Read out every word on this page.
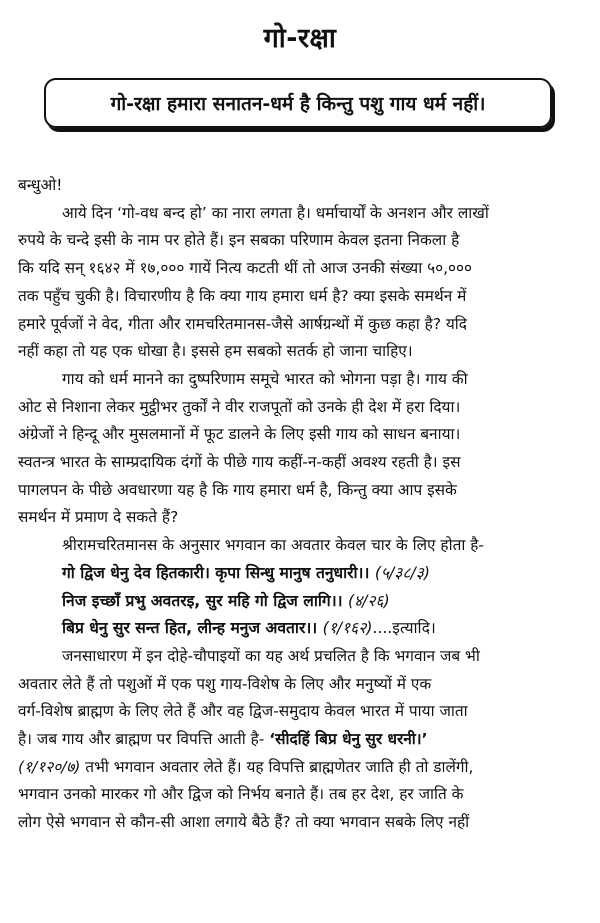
गो-रक्षा
गो-रक्षा हमारा सनातन-धर्म है किन्तु पशु गाय धर्म नहीं।
बन्धुओ!
आये दिन ‘गो-वध बन्द हो’ का नारा लगता है। धर्माचार्यों के अनशन और लाखों
रुपये के चन्दे इसी के नाम पर होते हैं। इन सबका परिणाम केवल इतना निकला है
कि यदि सन् १६४२ में १७,००० गायें नित्य कटती थीं तो आज उनकी संख्या ५०,०००
तक पहुँच चुकी है। विचारणीय है कि क्या गाय हमारा धर्म है? क्या इसके समर्थन में
हमारे पूर्वजों ने वेद, गीता और रामचरितमानस-जैसे आर्षग्रन्थों में कुछ कहा है? यदि
नहीं कहा तो यह एक धोखा है। इससे हम सबको सतर्क हो जाना चाहिए।
गाय को धर्म मानने का दुष्परिणाम समूचे भारत को भोगना पड़ा है। गाय की
ओट से निशाना लेकर मुट्ठीभर तुर्कों ने वीर राजपूतों को उनके ही देश में हरा दिया।
अंग्रेजों ने हिन्दू और मुसलमानों में फूट डालने के लिए इसी गाय को साधन बनाया।
स्वतन्त्र भारत के साम्प्रदायिक दंगों के पीछे गाय कहीं-न-कहीं अवश्य रहती है। इस
पागलपन के पीछे अवधारणा यह है कि गाय हमारा धर्म है, किन्तु क्या आप इसके
समर्थन में प्रमाण दे सकते हैं?
श्रीरामचरितमानस के अनुसार भगवान का अवतार केवल चार के लिए होता है-
गो द्विज धेनु देव हितकारी। कृपा सिन्धु मानुष तनुधारी।। (५/३८/३)
निज इच्छाँ प्रभु अवतरइ, सुर महि गो द्विज लागि।। (४/२६)
बिप्र धेनु सुर सन्त हित, लीन्ह मनुज अवतार।। (१/१६२)....इत्यादि।
जनसाधारण में इन दोहे-चौपाइयों का यह अर्थ प्रचलित है कि भगवान जब भी
अवतार लेते हैं तो पशुओं में एक पशु गाय-विशेष के लिए और मनुष्यों में एक
वर्ग-विशेष ब्राह्मण के लिए लेते हैं और वह द्विज-समुदाय केवल भारत में पाया जाता
है। जब गाय और ब्राह्मण पर विपत्ति आती है- ‘सीदहिं बिप्र धेनु सुर धरनी।’
(१/१२०/७) तभी भगवान अवतार लेते हैं। यह विपत्ति ब्राह्मणेतर जाति ही तो डालेंगी,
भगवान उनको मारकर गो और द्विज को निर्भय बनाते हैं। तब हर देश, हर जाति के
लोग ऐसे भगवान से कौन-सी आशा लगाये बैठे हैं? तो क्या भगवान सबके लिए नहीं
